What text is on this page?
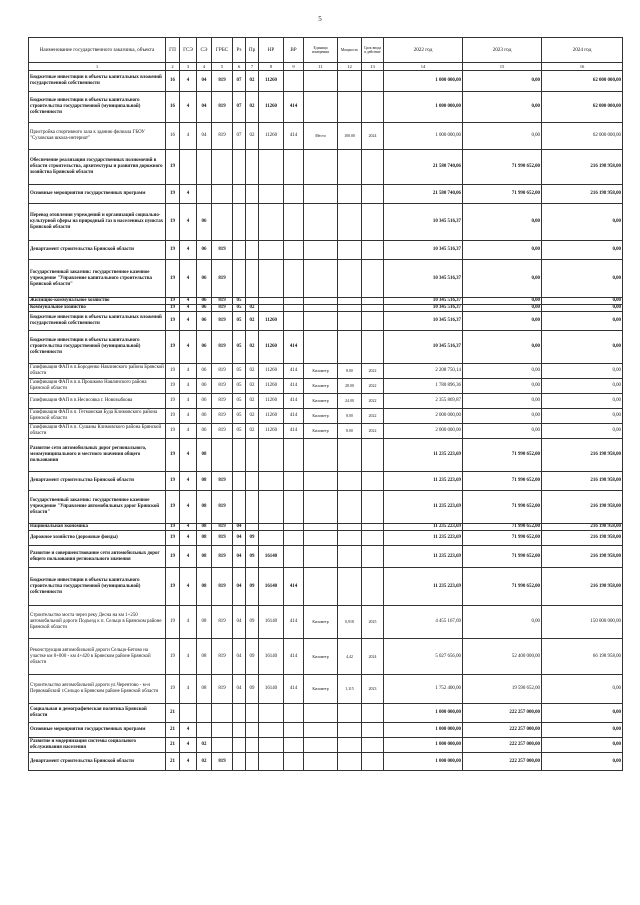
5
Наименование государственного заказчика, объекта	ГП	ГСЭ	СЭ	ГРБС	Рз	Пр	НР	ВР	Единица измерения	Мощность	Срок ввода в действие	2022 год	2023 год	2024 год
1	2	3	4	5	6	7	8	9	11	12	13	14	15	16
Бюджетные инвестиции в объекты капитальных вложений государственной собственности	16	4	04	819	07	02	11260					1 000 000,00	0,00	62 000 000,00
Бюджетные инвестиции в объекты капитального строительства государственной (муниципальной) собственности	16	4	04	819	07	02	11260	414				1 000 000,00	0,00	62 000 000,00
Пристройка спортивного зала к зданию филиала ГБОУ "Суховская школа-интернат"	16	4	04	819	07	02	11260	414	Место	100.00	2024	1 000 000,00	0,00	62 000 000,00
Обеспечение реализации государственных полномочий в области строительства, архитектуры и развития дорожного хозяйства Брянской области	19											21 580 740,06	71 990 652,00	216 198 958,00
Основные мероприятия государственных программ	19	4										21 580 740,06	71 990 652,00	216 198 958,00
Перевод отопления учреждений и организаций социально-культурной сферы на природный газ в населенных пунктах Брянской области	19	4	06									10 345 516,37	0,00	0,00
Департамент строительства Брянской области	19	4	06	819								10 345 516,37	0,00	0,00
Государственный заказчик: государственное казенное учреждение "Управление капитального строительства Брянской области"	19	4	06	819								10 345 516,37	0,00	0,00
Жилищно-коммунальное хозяйство	19	4	06	819	05							10 345 516,37	0,00	0,00
Коммунальное хозяйство	19	4	06	819	05	02						10 345 516,37	0,00	0,00
Бюджетные инвестиции в объекты капитальных вложений государственной собственности	19	4	06	819	05	02	11260					10 345 516,37	0,00	0,00
Бюджетные инвестиции в объекты капитального строительства государственной (муниципальной) собственности	19	4	06	819	05	02	11260	414				10 345 516,37	0,00	0,00
Газификация ФАП в п.Бороденко Навлинского района Брянской области	19	4	06	819	05	02	11260	414	Километр	8.00	2022	2 208 750,14	0,00	0,00
Газификация ФАП в п.п.Прошково Навлинского района Брянской области	19	4	06	819	05	02	11260	414	Километр	28.00	2022	1 780 896,36	0,00	0,00
Газификация ФАП в п.Несисовка г. Новозыбкова	19	4	06	819	05	02	11260	414	Километр	24.00	2022	2 355 869,87	0,00	0,00
Газификация ФАП в п. Гетманская Буда Климовского района Брянской области	19	4	06	819	05	02	11260	414	Километр	8.00	2022	2 000 000,00	0,00	0,00
Газификация ФАП в п. Сушаны Климовского района Брянской области	19	4	06	819	05	02	11260	414	Километр	8.00	2022	2 000 000,00	0,00	0,00
Развитие сети автомобильных дорог регионального, межмуниципального и местного значения общего пользования	19	4	08									11 235 223,69	71 990 652,00	216 198 958,00
Департамент строительства Брянской области	19	4	08	819								11 235 223,69	71 990 652,00	216 198 958,00
Государственный заказчик: государственное казенное учреждение "Управление автомобильных дорог Брянской области"	19	4	08	819								11 235 223,69	71 990 652,00	216 198 958,00
Национальная экономика	19	4	08	819	04							11 235 223,69	71 990 652,00	216 198 958,00
Дорожное хозяйство (дорожные фонды)	19	4	08	819	04	09						11 235 223,69	71 990 652,00	216 198 958,00
Развитие и совершенствование сети автомобильных дорог общего пользования регионального значения	19	4	08	819	04	09	16140					11 235 223,69	71 990 652,00	216 198 958,00
Бюджетные инвестиции в объекты капитального строительства государственной (муниципальной) собственности	19	4	08	819	04	09	16140	414				11 235 223,69	71 990 652,00	216 198 958,00
Строительство моста через реку Десна на км 1+250 автомобильной дороги Подъезд к п. Сельцо в Брянском районе Брянской области	19	4	08	819	04	09	16140	414	Километр	0,918	2025	4 455 167,69	0,00	150 000 000,00
Реконструкция автомобильной дороги Сельцо-Бетово на участке км 0+000 - км 4+420 в Брянском районе Брянской области	19	4	08	819	04	09	16140	414	Километр	4,42	2024	5 027 656,00	52 400 000,00	66 198 958,00
Строительство автомобильной дороги ул.Черентово - м-н Первомайский г.Сельцо в Брянском районе Брянской области	19	4	08	819	04	09	16140	414	Километр	1,115	2023	1 752 400,00	19 590 652,00	0,00
Социальная и демографическая политика Брянской области	21											1 000 000,00	222 257 000,00	0,00
Основные мероприятия государственных программ	21	4										1 000 000,00	222 257 000,00	0,00
Развитие и модернизация системы социального обслуживания населения	21	4	02									1 000 000,00	222 257 000,00	0,00
Департамент строительства Брянской области	21	4	02	819								1 000 000,00	222 257 000,00	0,00
